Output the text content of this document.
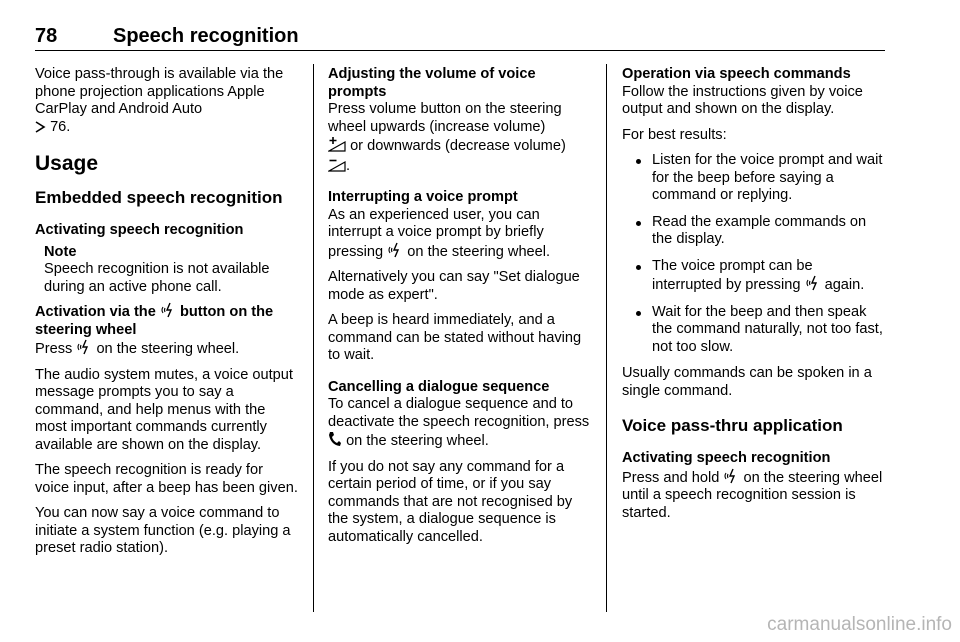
78	Speech recognition

Voice pass-through is available via the phone projection applications Apple CarPlay and Android Auto
76.

Usage
Embedded speech recognition
Activating speech recognition
Note
Speech recognition is not available during an active phone call.
Activation via the button on the steering wheel

Press on the steering wheel.

The audio system mutes, a voice output message prompts you to say a command, and help menus with the most important commands currently available are shown on the display.

The speech recognition is ready for voice input, after a beep has been given.

You can now say a voice command to initiate a system function (e.g. playing a preset radio station).

Adjusting the volume of voice prompts

Press volume button on the steering wheel upwards (increase volume)
or downwards (decrease volume)
.

Interrupting a voice prompt

As an experienced user, you can interrupt a voice prompt by briefly pressing on the steering wheel.

Alternatively you can say "Set dialogue mode as expert".

A beep is heard immediately, and a command can be stated without having to wait.

Cancelling a dialogue sequence

To cancel a dialogue sequence and to deactivate the speech recognition, press  on the steering wheel.

If you do not say any command for a certain period of time, or if you say commands that are not recognised by the system, a dialogue sequence is automatically cancelled.

Operation via speech commands

Follow the instructions given by voice output and shown on the display.

For best results:

Listen for the voice prompt and wait for the beep before saying a command or replying.
Read the example commands on the display.
The voice prompt can be interrupted by pressing again.
Wait for the beep and then speak the command naturally, not too fast, not too slow.

Usually commands can be spoken in a single command.

Voice pass-thru application
Activating speech recognition

Press and hold on the steering wheel until a speech recognition session is started.

carmanualsonline.info
